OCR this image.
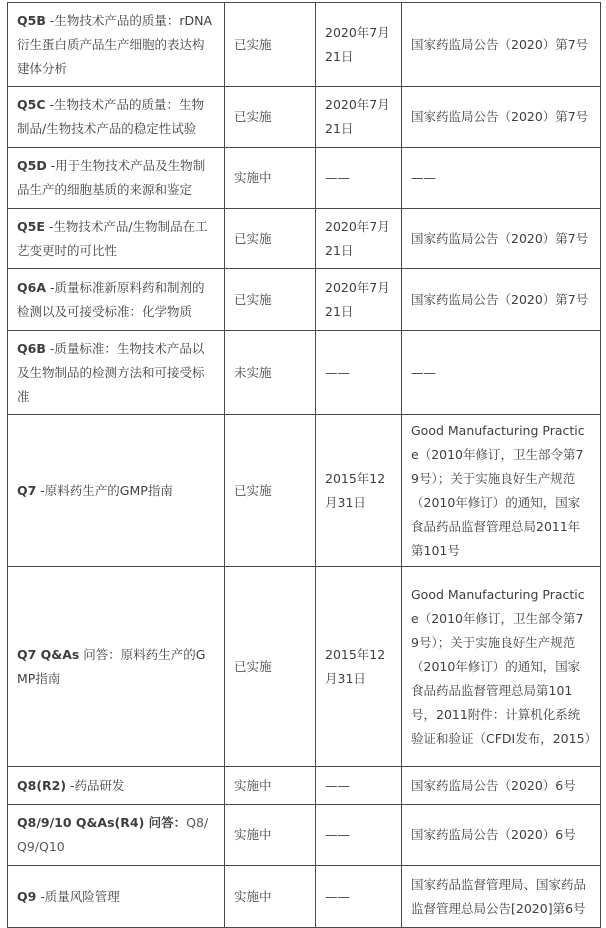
Q5B -生物技术产品的质量：rDNA衍生蛋白质产品生产细胞的表达构建体分析	已实施	2020年7月21日	国家药监局公告（2020）第7号
Q5C -生物技术产品的质量：生物制品/生物技术产品的稳定性试验	已实施	2020年7月21日	国家药监局公告（2020）第7号
Q5D -用于生物技术产品及生物制品生产的细胞基质的来源和鉴定	实施中	——	——
Q5E -生物技术产品/生物制品在工艺变更时的可比性	已实施	2020年7月21日	国家药监局公告（2020）第7号
Q6A -质量标准新原料药和制剂的检测以及可接受标准：化学物质	已实施	2020年7月21日	国家药监局公告（2020）第7号
Q6B -质量标准：生物技术产品以及生物制品的检测方法和可接受标准	未实施	——	——
Q7 -原料药生产的GMP指南	已实施	2015年12月31日	Good Manufacturing Practice（2010年修订，卫生部令第79号）；关于实施良好生产规范（2010年修订）的通知，国家食品药品监督管理总局2011年第101号
Q7 Q&As 问答：原料药生产的GMP指南	已实施	2015年12月31日	Good Manufacturing Practice（2010年修订，卫生部令第79号）；关于实施良好生产规范（2010年修订）的通知，国家食品药品监督管理总局第101号，2011附件：计算机化系统验证和验证（CFDI发布，2015）
Q8(R2) -药品研发	实施中	——	国家药监局公告（2020）6号
Q8/9/10 Q&As(R4) 问答：Q8/Q9/Q10	实施中	——	国家药监局公告（2020）6号
Q9 -质量风险管理	实施中	——	国家药品监督管理局、国家药品监督管理总局公告[2020]第6号
